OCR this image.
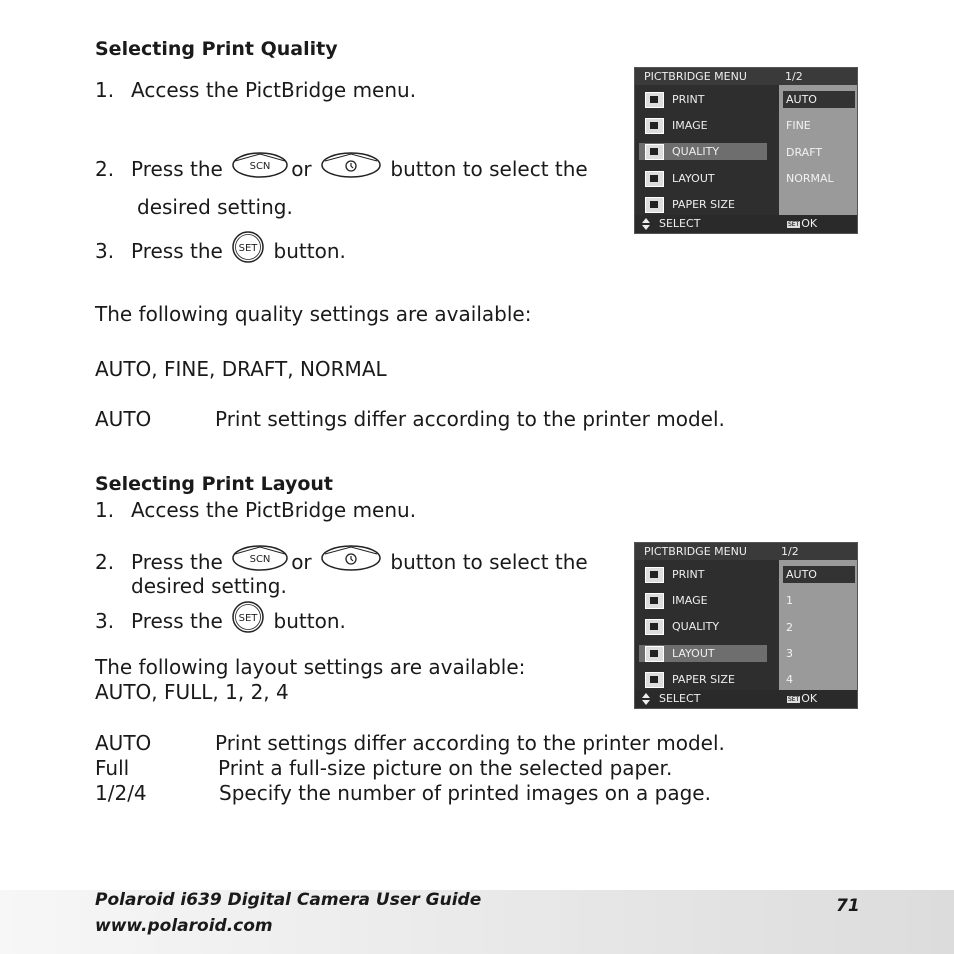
Selecting Print Quality
1. Access the PictBridge menu.
2. Press the	SCN or	button to select the
desired setting.
3. Press the SET button.
The following quality settings are available:
AUTO, FINE, DRAFT, NORMAL
AUTO	Print settings differ according to the printer model.
PICTBRIDGE MENU	1/2
PRINT
IMAGE
QUALITY
LAYOUT
PAPER SIZE
AUTO
FINE
DRAFT
NORMAL
SELECT	SET OK
Selecting Print Layout
1. Access the PictBridge menu.
2. Press the	SCN or	button to select the
desired setting.
3. Press the SET button.
The following layout settings are available:
AUTO, FULL, 1, 2, 4
AUTO	Print settings differ according to the printer model.
Full	Print a full-size picture on the selected paper.
1/2/4	Specify the number of printed images on a page.
PICTBRIDGE MENU	1/2
PRINT
IMAGE
QUALITY
LAYOUT
PAPER SIZE
AUTO
1
2
3
4
SELECT	SET OK
Polaroid i639 Digital Camera User Guide
www.polaroid.com
71
